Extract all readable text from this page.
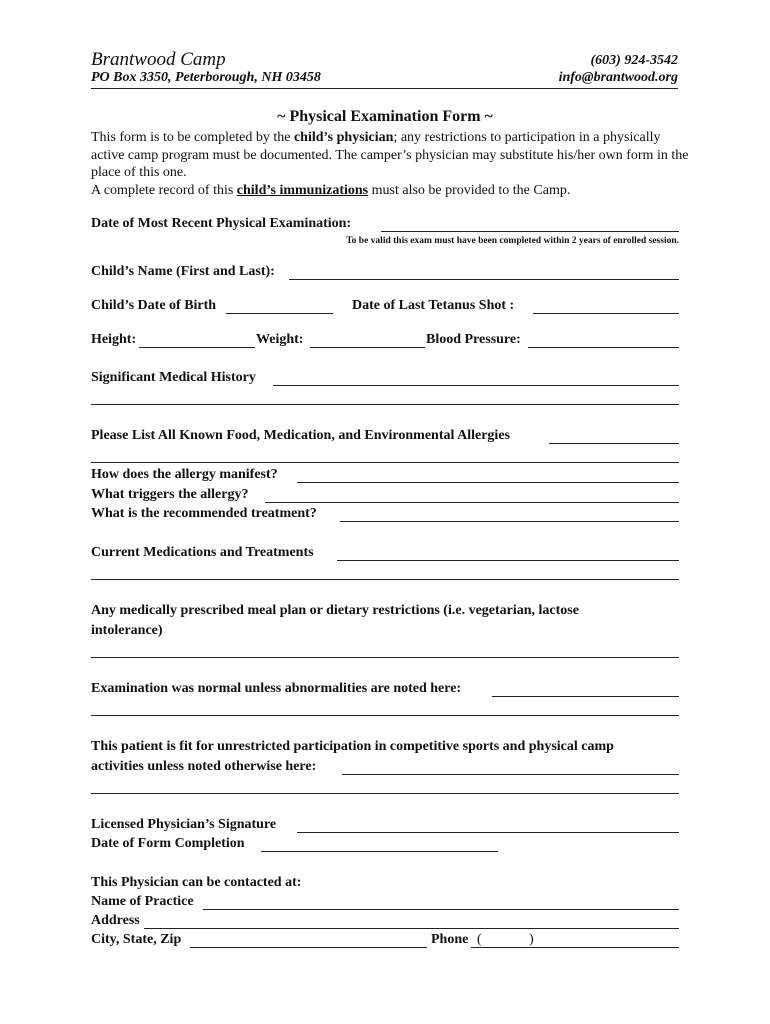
Brantwood Camp	(603) 924-3542
PO Box 3350, Peterborough, NH 03458	info@brantwood.org
~ Physical Examination Form ~
This form is to be completed by the child’s physician; any restrictions to participation in a physically active camp program must be documented. The camper’s physician may substitute his/her own form in the place of this one.
A complete record of this child’s immunizations must also be provided to the Camp.
Date of Most Recent Physical Examination:
To be valid this exam must have been completed within 2 years of enrolled session.
Child’s Name (First and Last):
Child’s Date of Birth	Date of Last Tetanus Shot :
Height:	Weight:	Blood Pressure:
Significant Medical History
Please List All Known Food, Medication, and Environmental Allergies
How does the allergy manifest?
What triggers the allergy?
What is the recommended treatment?
Current Medications and Treatments
Any medically prescribed meal plan or dietary restrictions (i.e. vegetarian, lactose
intolerance)
Examination was normal unless abnormalities are noted here:
This patient is fit for unrestricted participation in competitive sports and physical camp
activities unless noted otherwise here:
Licensed Physician’s Signature
Date of Form Completion
This Physician can be contacted at:
Name of Practice
Address
City, State, Zip	Phone (	)
